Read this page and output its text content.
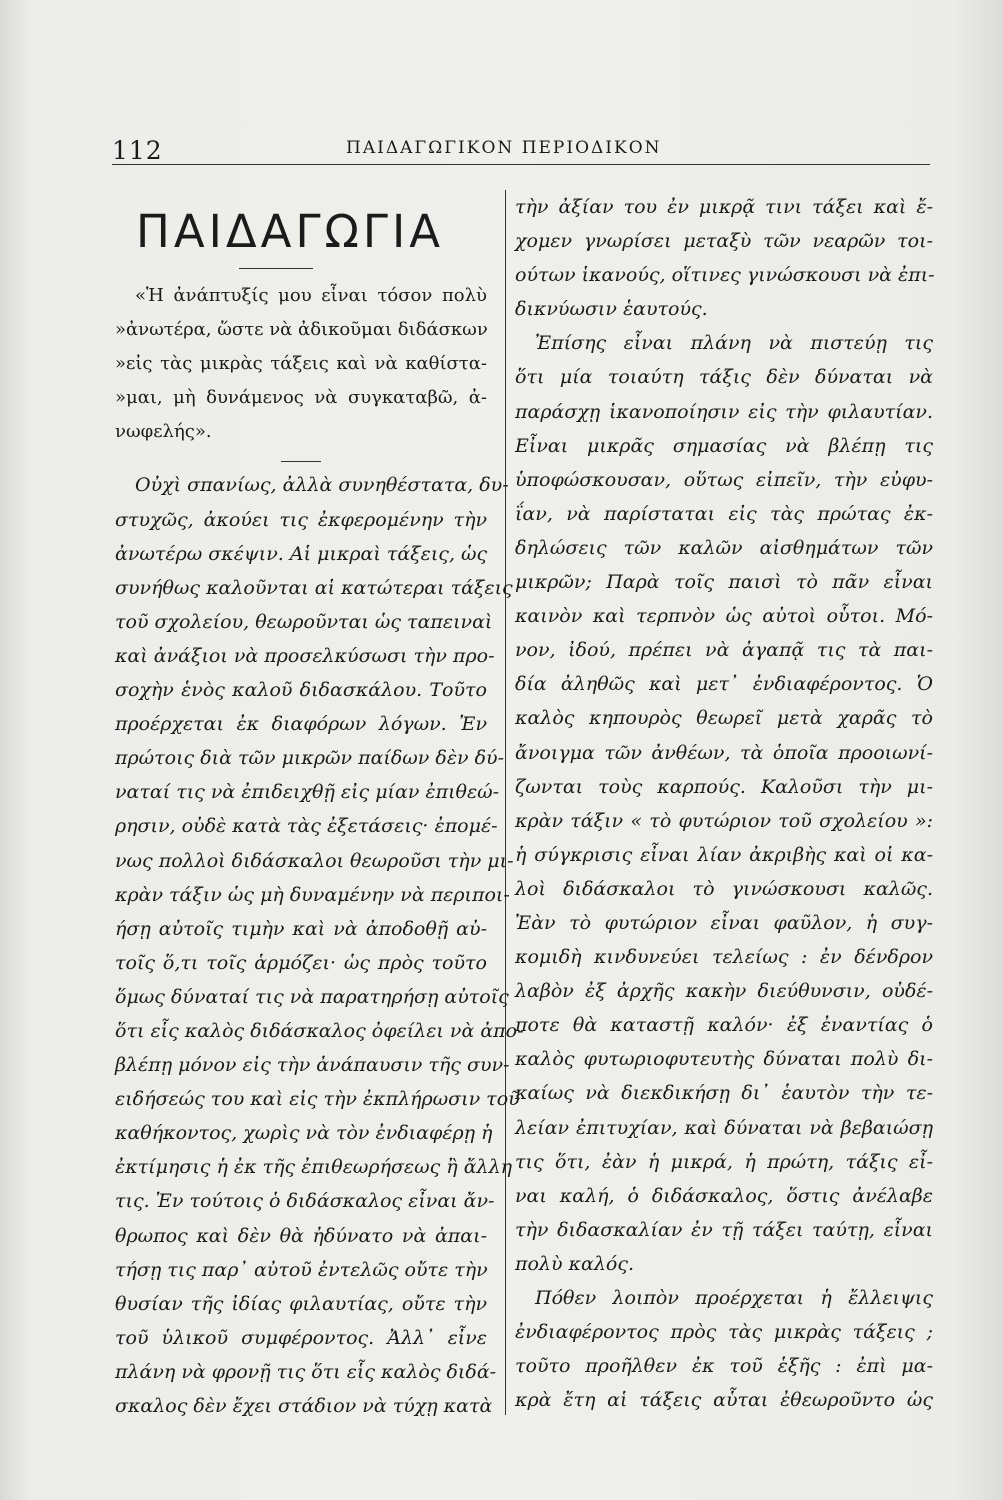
112	ΠΑΙΔΑΓΩΓΙΚΟΝ ΠΕΡΙΟΔΙΚΟΝ
ΠΑΙΔΑΓΩΓΙΑ
«Ἡ ἀνάπτυξίς μου εἶναι τόσον πολὺ
»ἀνωτέρα, ὥστε νὰ ἀδικοῦμαι διδάσκων
»εἰς τὰς μικρὰς τάξεις καὶ νὰ καθίστα-
»μαι, μὴ δυνάμενος νὰ συγκαταβῶ, ἀ-
νωφελής».
Οὐχὶ σπανίως, ἀλλὰ συνηθέστατα, δυ-
στυχῶς, ἀκούει τις ἐκφερομένην τὴν
ἀνωτέρω σκέψιν. Αἱ μικραὶ τάξεις, ὡς
συνήθως καλοῦνται αἱ κατώτεραι τάξεις
τοῦ σχολείου, θεωροῦνται ὡς ταπειναὶ
καὶ ἀνάξιοι νὰ προσελκύσωσι τὴν προ-
σοχὴν ἑνὸς καλοῦ διδασκάλου. Τοῦτο
προέρχεται ἐκ διαφόρων λόγων. Ἐν
πρώτοις διὰ τῶν μικρῶν παίδων δὲν δύ-
ναταί τις νὰ ἐπιδειχθῇ εἰς μίαν ἐπιθεώ-
ρησιν, οὐδὲ κατὰ τὰς ἐξετάσεις· ἐπομέ-
νως πολλοὶ διδάσκαλοι θεωροῦσι τὴν μι-
κρὰν τάξιν ὡς μὴ δυναμένην νὰ περιποι-
ήσῃ αὐτοῖς τιμὴν καὶ νὰ ἀποδοθῇ αὐ-
τοῖς ὅ,τι τοῖς ἁρμόζει· ὡς πρὸς τοῦτο
ὅμως δύναταί τις νὰ παρατηρήσῃ αὐτοῖς
ὅτι εἷς καλὸς διδάσκαλος ὀφείλει νὰ ἀπο-
βλέπῃ μόνον εἰς τὴν ἀνάπαυσιν τῆς συν-
ειδήσεώς του καὶ εἰς τὴν ἐκπλήρωσιν τοῦ
καθήκοντος, χωρὶς νὰ τὸν ἐνδιαφέρῃ ἡ
ἐκτίμησις ἡ ἐκ τῆς ἐπιθεωρήσεως ἢ ἄλλη
τις. Ἐν τούτοις ὁ διδάσκαλος εἶναι ἄν-
θρωπος καὶ δὲν θὰ ἠδύνατο νὰ ἀπαι-
τήσῃ τις παρ᾿ αὐτοῦ ἐντελῶς οὔτε τὴν
θυσίαν τῆς ἰδίας φιλαυτίας, οὔτε τὴν
τοῦ ὑλικοῦ συμφέροντος. Ἀλλ᾿ εἶνε
πλάνη νὰ φρονῇ τις ὅτι εἷς καλὸς διδά-
σκαλος δὲν ἔχει στάδιον νὰ τύχῃ κατὰ
τὴν ἀξίαν του ἐν μικρᾷ τινι τάξει καὶ ἔ-
χομεν γνωρίσει μεταξὺ τῶν νεαρῶν τοι-
ούτων ἱκανούς, οἵτινες γινώσκουσι νὰ ἐπι-
δικνύωσιν ἑαυτούς.
Ἐπίσης εἶναι πλάνη νὰ πιστεύῃ τις
ὅτι μία τοιαύτη τάξις δὲν δύναται νὰ
παράσχῃ ἱκανοποίησιν εἰς τὴν φιλαυτίαν.
Εἶναι μικρᾶς σημασίας νὰ βλέπῃ τις
ὑποφώσκουσαν, οὕτως εἰπεῖν, τὴν εὐφυ-
ΐαν, νὰ παρίσταται εἰς τὰς πρώτας ἐκ-
δηλώσεις τῶν καλῶν αἰσθημάτων τῶν
μικρῶν; Παρὰ τοῖς παισὶ τὸ πᾶν εἶναι
καινὸν καὶ τερπνὸν ὡς αὐτοὶ οὗτοι. Μό-
νον, ἰδού, πρέπει νὰ ἀγαπᾷ τις τὰ παι-
δία ἀληθῶς καὶ μετ᾿ ἐνδιαφέροντος. Ὁ
καλὸς κηπουρὸς θεωρεῖ μετὰ χαρᾶς τὸ
ἄνοιγμα τῶν ἀνθέων, τὰ ὁποῖα προοιωνί-
ζωνται τοὺς καρπούς. Καλοῦσι τὴν μι-
κρὰν τάξιν « τὸ φυτώριον τοῦ σχολείου »:
ἡ σύγκρισις εἶναι λίαν ἀκριβὴς καὶ οἱ κα-
λοὶ διδάσκαλοι τὸ γινώσκουσι καλῶς.
Ἐὰν τὸ φυτώριον εἶναι φαῦλον, ἡ συγ-
κομιδὴ κινδυνεύει τελείως : ἐν δένδρον
λαβὸν ἐξ ἀρχῆς κακὴν διεύθυνσιν, οὐδέ-
ποτε θὰ καταστῇ καλόν· ἐξ ἐναντίας ὁ
καλὸς φυτωριοφυτευτὴς δύναται πολὺ δι-
καίως νὰ διεκδικήσῃ δι᾿ ἑαυτὸν τὴν τε-
λείαν ἐπιτυχίαν, καὶ δύναται νὰ βεβαιώσῃ
τις ὅτι, ἐὰν ἡ μικρά, ἡ πρώτη, τάξις εἶ-
ναι καλή, ὁ διδάσκαλος, ὅστις ἀνέλαβε
τὴν διδασκαλίαν ἐν τῇ τάξει ταύτῃ, εἶναι
πολὺ καλός.
Πόθεν λοιπὸν προέρχεται ἡ ἔλλειψις
ἐνδιαφέροντος πρὸς τὰς μικρὰς τάξεις ;
τοῦτο προῆλθεν ἐκ τοῦ ἑξῆς : ἐπὶ μα-
κρὰ ἔτη αἱ τάξεις αὗται ἐθεωροῦντο ὡς
